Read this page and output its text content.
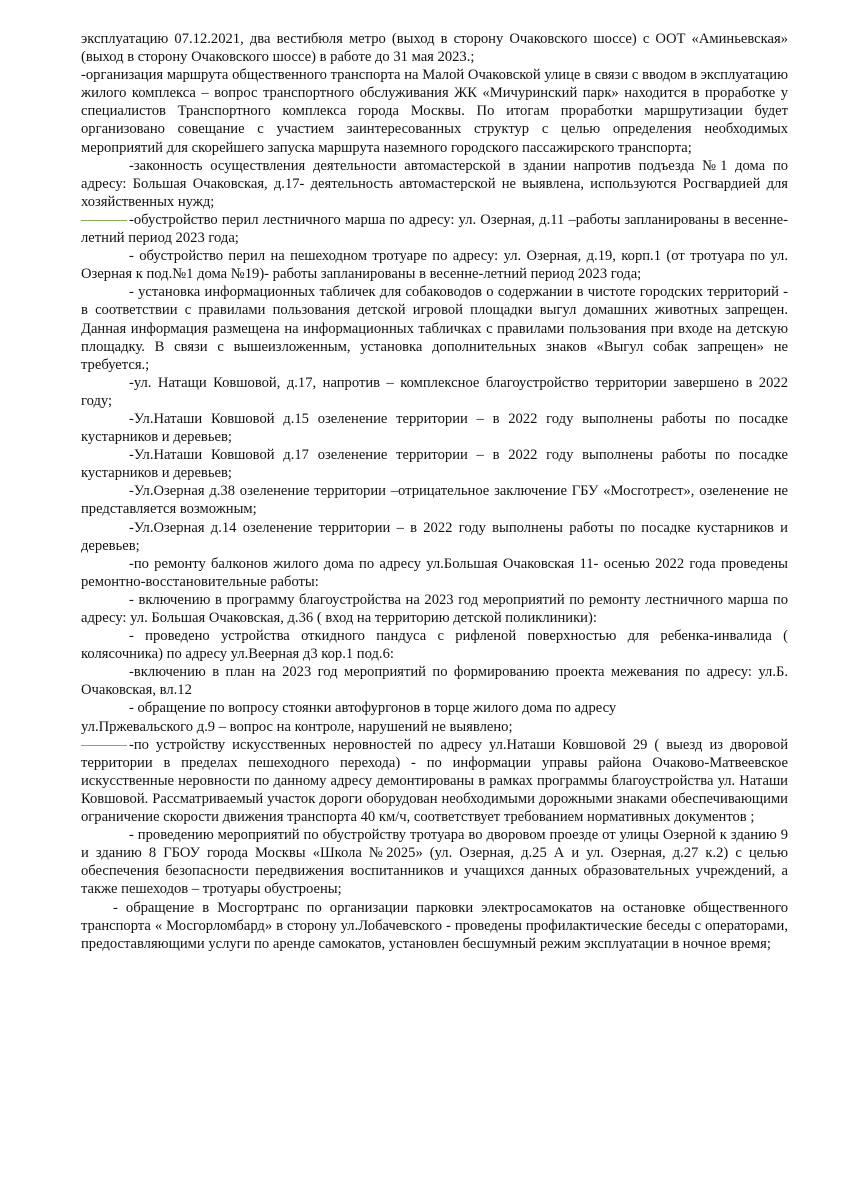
эксплуатацию 07.12.2021, два вестибюля метро (выход в сторону Очаковского шоссе) с ООТ «Аминьевская» (выход в сторону Очаковского шоссе) в работе до 31 мая 2023.;

-организация маршрута общественного транспорта на Малой Очаковской улице в связи с вводом в эксплуатацию жилого комплекса – вопрос транспортного обслуживания ЖК «Мичуринский парк» находится в проработке у специалистов Транспортного комплекса города Москвы. По итогам проработки маршрутизации будет организовано совещание с участием заинтересованных структур с целью определения необходимых мероприятий для скорейшего запуска маршрута наземного городского пассажирского транспорта;

-законность осуществления деятельности автомастерской в здании напротив подъезда №1 дома по адресу: Большая Очаковская, д.17- деятельность автомастерской не выявлена, используются Росгвардией для хозяйственных нужд;

-обустройство перил лестничного марша по адресу: ул. Озерная, д.11 –работы запланированы в весенне-летний период 2023 года;

- обустройство перил на пешеходном тротуаре по адресу: ул. Озерная, д.19, корп.1 (от тротуара по ул. Озерная к под.№1 дома №19)- работы запланированы в весенне-летний период 2023 года;

- установка информационных табличек для собаководов о содержании в чистоте городских территорий - в соответствии с правилами пользования детской игровой площадки выгул домашних животных запрещен. Данная информация размещена на информационных табличках с правилами пользования при входе на детскую площадку. В связи с вышеизложенным, установка дополнительных знаков «Выгул собак запрещен» не требуется.;

-ул. Натащи Ковшовой, д.17, напротив – комплексное благоустройство территории завершено в 2022 году;

-Ул.Наташи Ковшовой д.15 озеленение территории – в 2022 году выполнены работы по посадке кустарников и деревьев;

-Ул.Наташи Ковшовой д.17 озеленение территории – в 2022 году выполнены работы по посадке кустарников и деревьев;

-Ул.Озерная д.38 озеленение территории –отрицательное заключение ГБУ «Мосготрест», озеленение не представляется возможным;

-Ул.Озерная д.14 озеленение территории – в 2022 году выполнены работы по посадке кустарников и деревьев;

-по ремонту балконов жилого дома по адресу ул.Большая Очаковская 11- осенью 2022 года проведены ремонтно-восстановительные работы:

- включению в программу благоустройства на 2023 год мероприятий по ремонту лестничного марша по адресу: ул. Большая Очаковская, д.36 ( вход на территорию детской поликлиники):

- проведено устройства откидного пандуса с рифленой поверхностью для ребенка-инвалида ( колясочника) по адресу ул.Веерная д3 кор.1 под.6:

-включению в план на 2023 год мероприятий по формированию проекта межевания по адресу: ул.Б. Очаковская, вл.12

- обращение по вопросу стоянки автофургонов в торце жилого дома по адресу

ул.Пржевальского д.9 – вопрос на контроле, нарушений не выявлено;

-по устройству искусственных неровностей по адресу ул.Наташи Ковшовой 29 ( выезд из дворовой территории в пределах пешеходного перехода) - по информации управы района Очаково-Матвеевское искусственные неровности по данному адресу демонтированы в рамках программы благоустройства ул. Наташи Ковшовой. Рассматриваемый участок дороги оборудован необходимыми дорожными знаками обеспечивающими ограничение скорости движения транспорта 40 км/ч, соответствует требованием нормативных документов ;

- проведению мероприятий по обустройству тротуара во дворовом проезде от улицы Озерной к зданию 9 и зданию 8 ГБОУ города Москвы «Школа №2025» (ул. Озерная, д.25 А и ул. Озерная, д.27 к.2) с целью обеспечения безопасности передвижения воспитанников и учащихся данных образовательных учреждений, а также пешеходов – тротуары обустроены;

- обращение в Мосгортранс по организации парковки электросамокатов на остановке общественного транспорта « Мосгорломбард» в сторону ул.Лобачевского - проведены профилактические беседы с операторами, предоставляющими услуги по аренде самокатов, установлен бесшумный режим эксплуатации в ночное время;
